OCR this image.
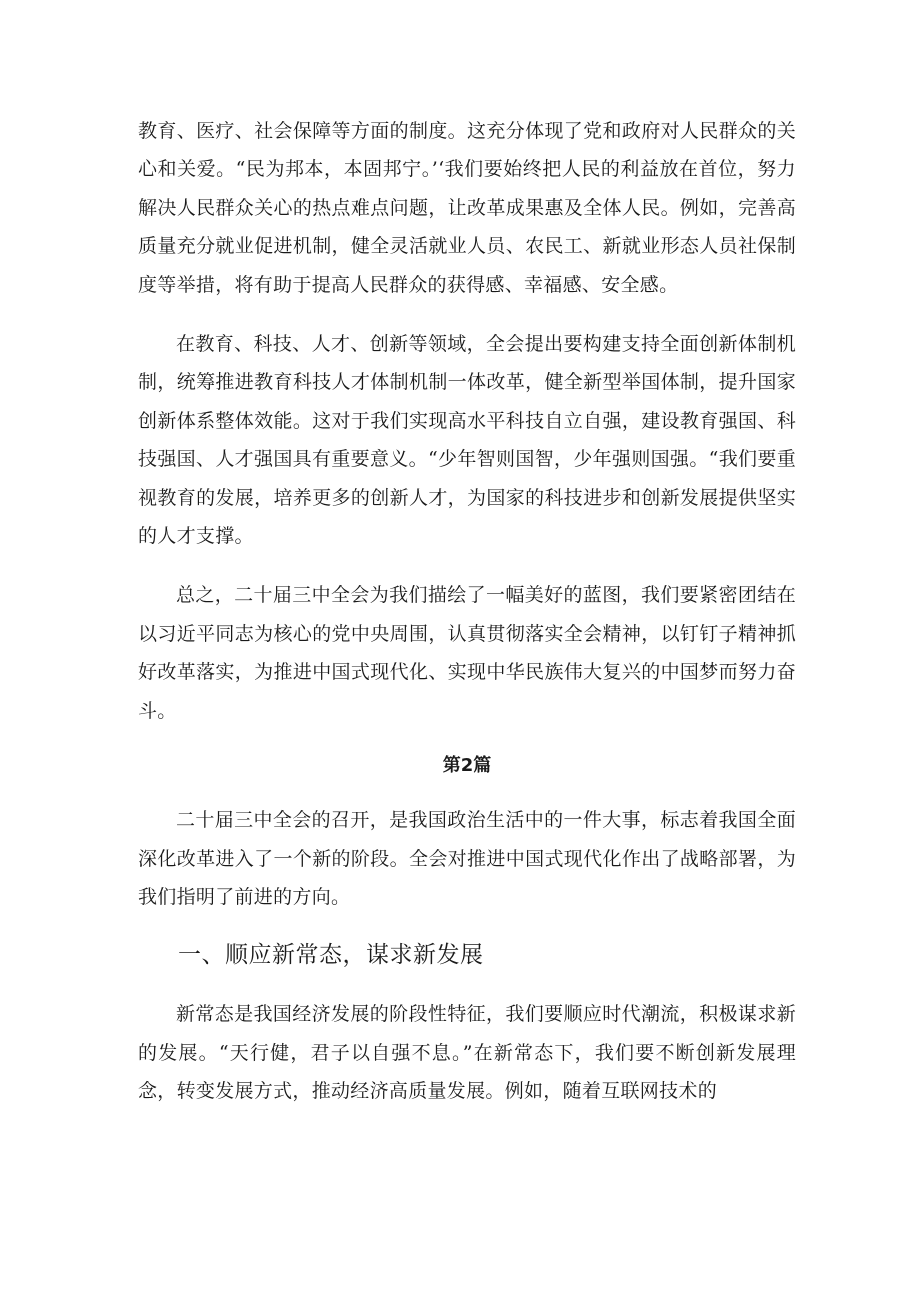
教育、医疗、社会保障等方面的制度。这充分体现了党和政府对人民群众的关心和关爱。“民为邦本，本固邦宁。’‘我们要始终把人民的利益放在首位，努力解决人民群众关心的热点难点问题，让改革成果惠及全体人民。例如，完善高质量充分就业促进机制，健全灵活就业人员、农民工、新就业形态人员社保制度等举措，将有助于提高人民群众的获得感、幸福感、安全感。

在教育、科技、人才、创新等领域，全会提出要构建支持全面创新体制机制，统筹推进教育科技人才体制机制一体改革，健全新型举国体制，提升国家创新体系整体效能。这对于我们实现高水平科技自立自强，建设教育强国、科技强国、人才强国具有重要意义。“少年智则国智，少年强则国强。“我们要重视教育的发展，培养更多的创新人才，为国家的科技进步和创新发展提供坚实的人才支撑。

总之，二十届三中全会为我们描绘了一幅美好的蓝图，我们要紧密团结在以习近平同志为核心的党中央周围，认真贯彻落实全会精神，以钉钉子精神抓好改革落实，为推进中国式现代化、实现中华民族伟大复兴的中国梦而努力奋斗。

第2篇

二十届三中全会的召开，是我国政治生活中的一件大事，标志着我国全面深化改革进入了一个新的阶段。全会对推进中国式现代化作出了战略部署，为我们指明了前进的方向。

一、顺应新常态，谋求新发展

新常态是我国经济发展的阶段性特征，我们要顺应时代潮流，积极谋求新的发展。“天行健，君子以自强不息。”在新常态下，我们要不断创新发展理念，转变发展方式，推动经济高质量发展。例如，随着互联网技术的
